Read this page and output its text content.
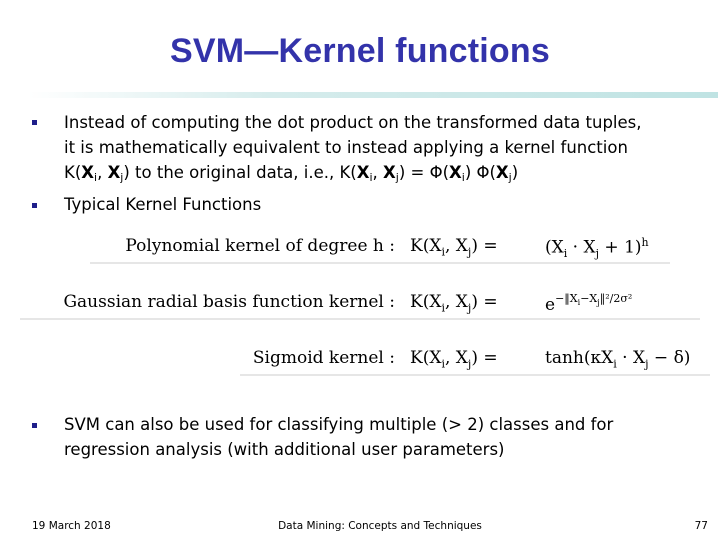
SVM—Kernel functions
Instead of computing the dot product on the transformed data tuples,
it is mathematically equivalent to instead applying a kernel function
$K(X_i$, $X_j$) to the original data, i.e., $K(X_i$, $X_j) = \Phi(X_i)$ $\Phi(X_j)$
Typical Kernel Functions
Polynomial kernel of degree h : $K(X_i$, $X_j$) =	$(X_i \cdot X_j + 1)^h$
Gaussian radial basis function kernel : $K(X_i$, $X_j$) =	$e^{-‖X_i-X_j‖^2/2\sigma^2}$
Sigmoid kernel : $K(X_i$, $X_j$) =	$\tanh(\kappa X_i \cdot X_j - \delta)$
SVM can also be used for classifying multiple (> 2) classes and for
regression analysis (with additional user parameters)
19 March 2018	Data Mining: Concepts and Techniques	77
